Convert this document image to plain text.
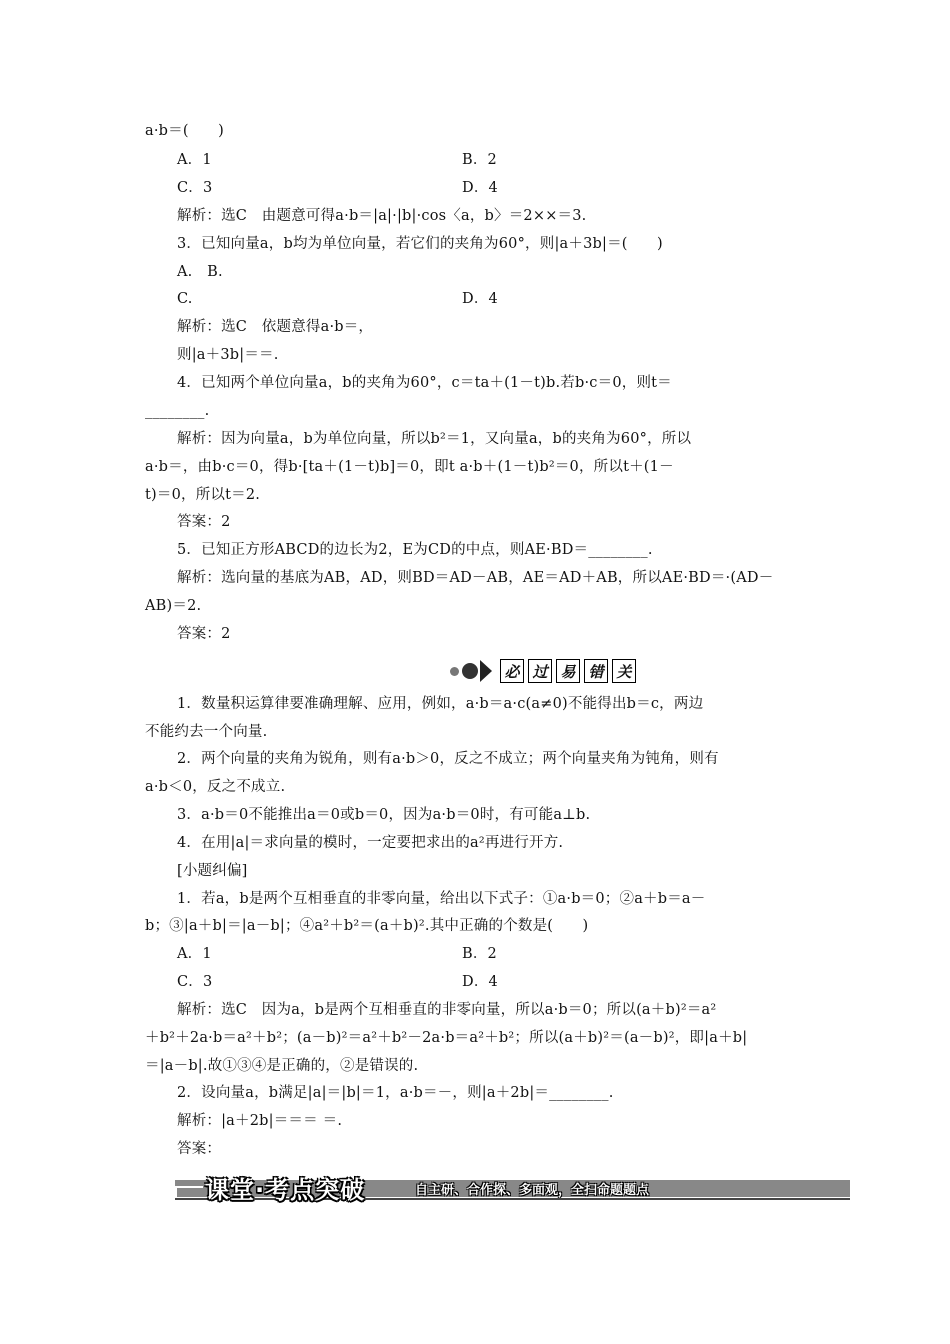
a·b＝(　　)
A．1	B．2
C．3	D．4
解析：选C　由题意可得a·b＝|a|·|b|·cos〈a，b〉＝2××＝3.
3．已知向量a，b均为单位向量，若它们的夹角为60°，则|a＋3b|＝(　　)
A.　B.
C.	D．4
解析：选C　依题意得a·b＝，
则|a＋3b|＝＝.
4．已知两个单位向量a，b的夹角为60°，c＝ta＋(1－t)b.若b·c＝0，则t＝
________.
解析：因为向量a，b为单位向量，所以b²＝1，又向量a，b的夹角为60°，所以
a·b＝，由b·c＝0，得b·[ta＋(1－t)b]＝0，即t a·b＋(1－t)b²＝0，所以t＋(1－
t)＝0，所以t＝2.
答案：2
5．已知正方形ABCD的边长为2，E为CD的中点，则AE·BD＝________.
解析：选向量的基底为AB，AD，则BD＝AD－AB，AE＝AD＋AB，所以AE·BD＝·(AD－
AB)＝2.
答案：2
1．数量积运算律要准确理解、应用，例如，a·b＝a·c(a≠0)不能得出b＝c，两边
不能约去一个向量.
2．两个向量的夹角为锐角，则有a·b＞0，反之不成立；两个向量夹角为钝角，则有
a·b＜0，反之不成立.
3．a·b＝0不能推出a＝0或b＝0，因为a·b＝0时，有可能a⊥b.
4．在用|a|＝求向量的模时，一定要把求出的a²再进行开方.
[小题纠偏]
1．若a，b是两个互相垂直的非零向量，给出以下式子：①a·b＝0；②a＋b＝a－
b；③|a＋b|＝|a－b|；④a²＋b²＝(a＋b)².其中正确的个数是(　　)
A．1	B．2
C．3	D．4
解析：选C　因为a，b是两个互相垂直的非零向量，所以a·b＝0；所以(a＋b)²＝a²
＋b²＋2a·b＝a²＋b²；(a－b)²＝a²＋b²－2a·b＝a²＋b²；所以(a＋b)²＝(a－b)²，即|a＋b|
＝|a－b|.故①③④是正确的，②是错误的.
2．设向量a，b满足|a|＝|b|＝1，a·b＝－，则|a＋2b|＝________.
解析：|a＋2b|＝＝＝ ＝.
答案：
必 过 易 错 关
课堂·考点突破	自主研、合作探、多面观，全扫命题题点
